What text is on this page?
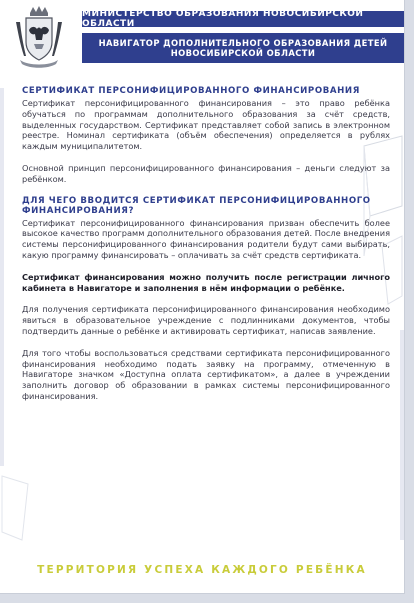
МИНИСТЕРСТВО ОБРАЗОВАНИЯ НОВОСИБИРСКОЙ ОБЛАСТИ
НАВИГАТОР ДОПОЛНИТЕЛЬНОГО ОБРАЗОВАНИЯ ДЕТЕЙ
НОВОСИБИРСКОЙ ОБЛАСТИ
СЕРТИФИКАТ ПЕРСОНИФИЦИРОВАННОГО ФИНАНСИРОВАНИЯ

Сертификат персонифицированного финансирования – это право ребёнка обучаться по программам дополнительного образования за счёт средств, выделенных государством. Сертификат представляет собой запись в электронном реестре. Номинал сертификата (объём обеспечения) определяется в рублях каждым муниципалитетом.

Основной принцип персонифицированного финансирования – деньги следуют за ребёнком.

ДЛЯ ЧЕГО ВВОДИТСЯ СЕРТИФИКАТ ПЕРСОНИФИЦИРОВАННОГО ФИНАНСИРОВАНИЯ?

Сертификат персонифицированного финансирования призван обеспечить более высокое качество программ дополнительного образования детей. После внедрения системы персонифицированного финансирования родители будут сами выбирать, какую программу финансировать – оплачивать за счёт средств сертификата.

Сертификат финансирования можно получить после регистрации личного кабинета в Навигаторе и заполнения в нём информации о ребёнке.

Для получения сертификата персонифицированного финансирования необходимо явиться в образовательное учреждение с подлинниками документов, чтобы подтвердить данные о ребёнке и активировать сертификат, написав заявление.

Для того чтобы воспользоваться средствами сертификата персонифицированного финансирования необходимо подать заявку на программу, отмеченную в Навигаторе значком «Доступна оплата сертификатом», а далее в учреждении заполнить договор об образовании в рамках системы персонифицированного финансирования.

ТЕРРИТОРИЯ УСПЕХА КАЖДОГО РЕБЁНКА
